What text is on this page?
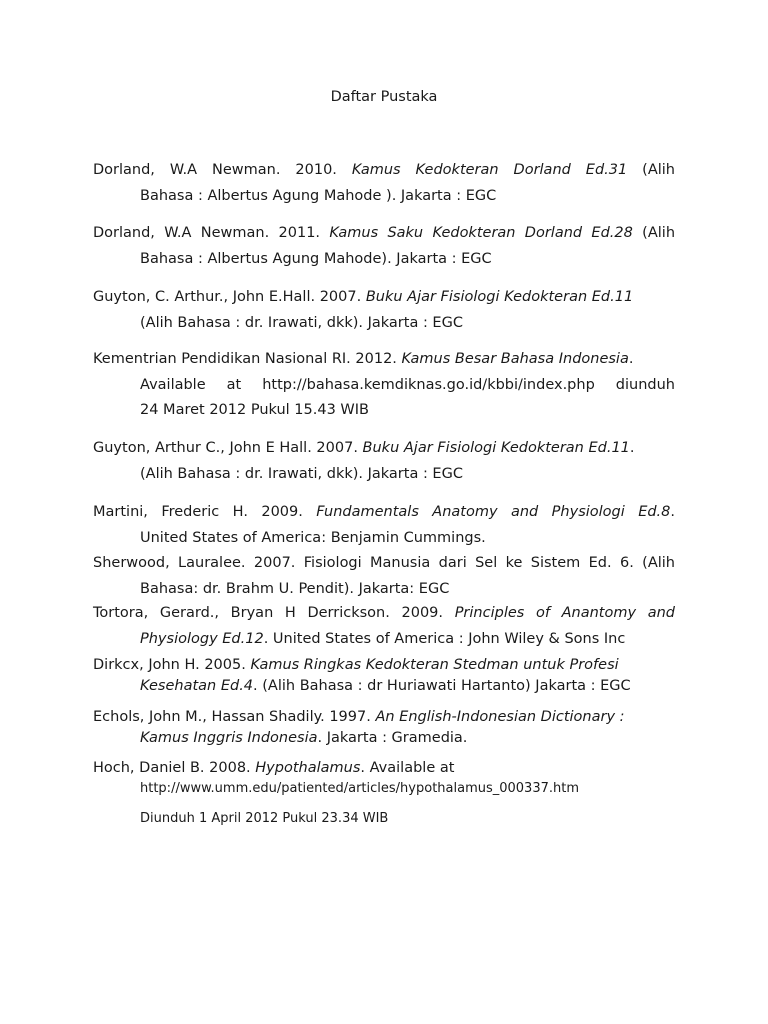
Daftar Pustaka
Dorland, W.A Newman. 2010. Kamus Kedokteran Dorland Ed.31 (Alih
Bahasa : Albertus Agung Mahode ). Jakarta : EGC
Dorland, W.A Newman. 2011. Kamus Saku Kedokteran Dorland Ed.28 (Alih
Bahasa : Albertus Agung Mahode). Jakarta : EGC
Guyton, C. Arthur., John E.Hall. 2007. Buku Ajar Fisiologi Kedokteran Ed.11
(Alih Bahasa : dr. Irawati, dkk). Jakarta : EGC
Kementrian Pendidikan Nasional RI. 2012. Kamus Besar Bahasa Indonesia.
Available at http://bahasa.kemdiknas.go.id/kbbi/index.php diunduh
24 Maret 2012 Pukul 15.43 WIB
Guyton, Arthur C., John E Hall. 2007. Buku Ajar Fisiologi Kedokteran Ed.11.
(Alih Bahasa : dr. Irawati, dkk). Jakarta : EGC
Martini, Frederic H. 2009. Fundamentals Anatomy and Physiologi Ed.8.
United States of America: Benjamin Cummings.
Sherwood, Lauralee. 2007. Fisiologi Manusia dari Sel ke Sistem Ed. 6. (Alih
Bahasa: dr. Brahm U. Pendit). Jakarta: EGC
Tortora, Gerard., Bryan H Derrickson. 2009. Principles of Anantomy and
Physiology Ed.12. United States of America : John Wiley & Sons Inc
Dirkcx, John H. 2005. Kamus Ringkas Kedokteran Stedman untuk Profesi
Kesehatan Ed.4. (Alih Bahasa : dr Huriawati Hartanto) Jakarta : EGC
Echols, John M., Hassan Shadily. 1997. An English-Indonesian Dictionary :
Kamus Inggris Indonesia. Jakarta : Gramedia.
Hoch, Daniel B. 2008. Hypothalamus. Available at
http://www.umm.edu/patiented/articles/hypothalamus_000337.htm
Diunduh 1 April 2012 Pukul 23.34 WIB
